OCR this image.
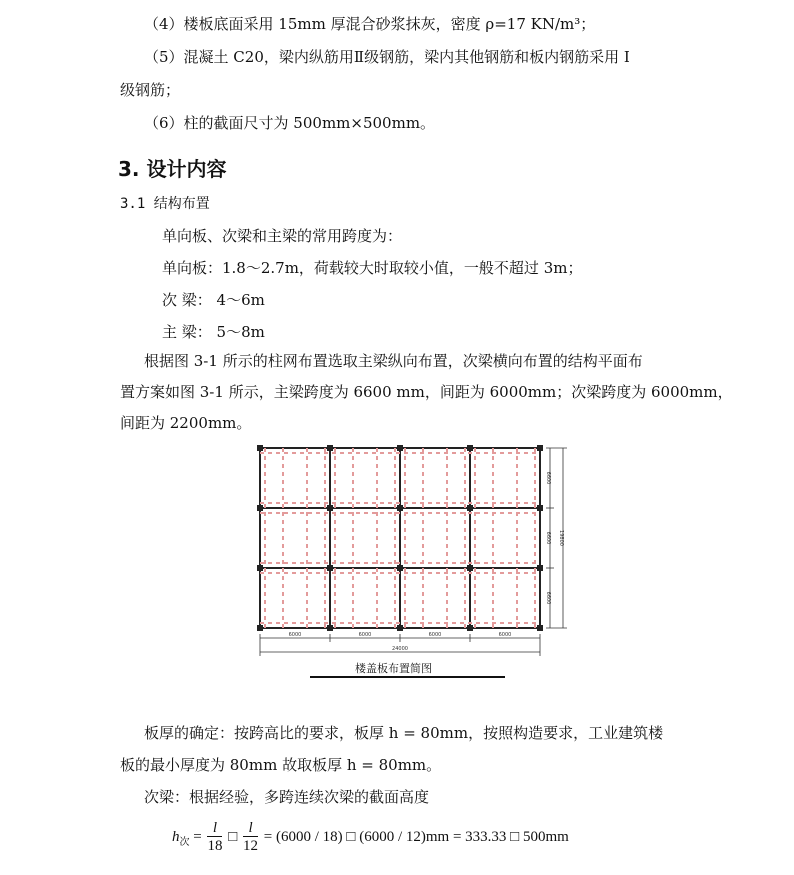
（4）楼板底面采用 15mm 厚混合砂浆抹灰，密度 ρ=17 KN/m³；
（5）混凝土 C20，梁内纵筋用Ⅱ级钢筋，梁内其他钢筋和板内钢筋采用 I
级钢筋；
（6）柱的截面尺寸为 500mm×500mm。
3. 设计内容
3.1 结构布置
单向板、次梁和主梁的常用跨度为：
单向板：1.8～2.7m，荷载较大时取较小值，一般不超过 3m；
次 梁： 4～6m
主 梁： 5～8m
根据图 3-1 所示的柱网布置选取主梁纵向布置，次梁横向布置的结构平面布
置方案如图 3-1 所示，主梁跨度为 6600 mm，间距为 6000mm；次梁跨度为 6000mm，
间距为 2200mm。
6000	6000	6000	6000
24000
6600
6600
6600
19800
楼盖板布置简图
板厚的确定：按跨高比的要求，板厚 h = 80mm，按照构造要求，工业建筑楼
板的最小厚度为 80mm 故取板厚 h = 80mm。
次梁：根据经验，多跨连续次梁的截面高度
$h_次 = \frac{l}{18}$ □ $\frac{l}{12} = (6000 / 18)$ □ (6000 / 12)mm = 333.33 □ 500mm
